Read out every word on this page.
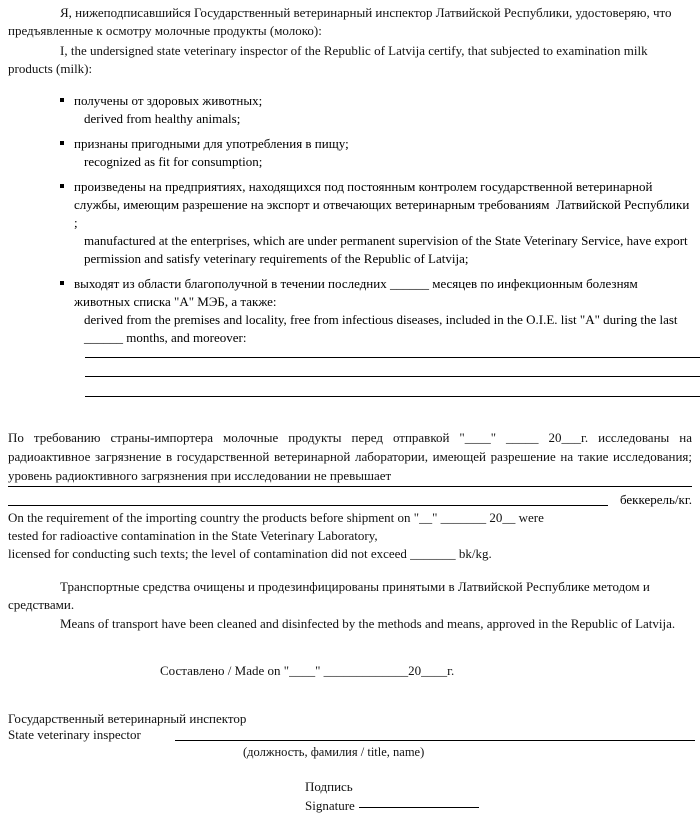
Я, нижеподписавшийся Государственный ветеринарный инспектор Латвийской Республики, удостоверяю, что предъявленные к осмотру молочные продукты (молоко):
I, the undersigned state veterinary inspector of the Republic of Latvija certify, that subjected to examination milk products (milk):
получены от здоровых животных;
derived from healthy animals;
признаны пригодными для употребления в пищу;
recognized as fit for consumption;
произведены на предприятиях, находящихся под постоянным контролем государственной ветеринарной службы, имеющим разрешение на экспорт и отвечающих ветеринарным требованиям  Латвийской Республики ;
manufactured at the enterprises, which are under permanent supervision of the State Veterinary Service, have export permission and satisfy veterinary requirements of the Republic of Latvija;
выходят из области благополучной в течении последних ______ месяцев по инфекционным болезням животных списка "А" МЭБ, а также:
derived from the premises and locality, free from infectious diseases, included in the O.I.E. list "A" during the last ______ months, and moreover:
По требованию страны-импортера молочные продукты перед отправкой "____" _____ 20___г. исследованы на радиоактивное загрязнение в государственной ветеринарной лаборатории, имеющей разрешение на такие исследования; уровень радиоктивного загрязнения при исследовании не превышает
беккерель/кг.
On the requirement of the importing country the products before shipment on "__" _______ 20__ were
tested for radioactive contamination in the State Veterinary Laboratory,
licensed for conducting such texts; the level of contamination did not exceed _______ bk/kg.
Транспортные средства очищены и продезинфицированы принятыми в Латвийской Республике методом и средствами.
Means of transport have been cleaned and disinfected by the methods and means, approved in the Republic of Latvija.
Составлено / Made on "____" _____________20____г.
Государственный ветеринарный инспектор
State veterinary inspector
(должность, фамилия / title, name)
Подпись
Signature
